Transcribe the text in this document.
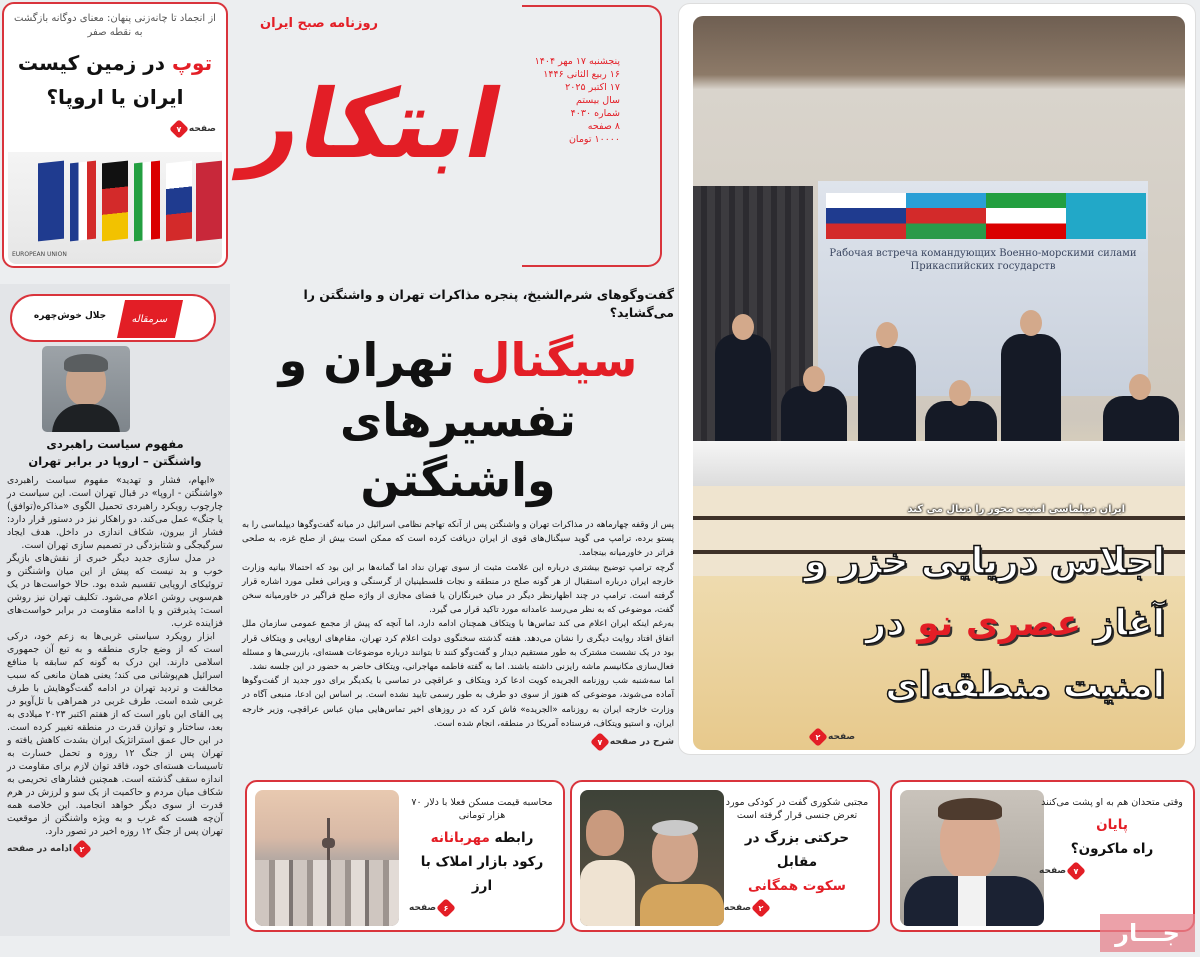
از انجماد تا چانه‌زنی پنهان: معنای دوگانه بازگشت به نقطه صفر
توپ در زمین کیست
ایران یا اروپا؟
صفحه
۷
EUROPEAN UNION
ابتکار
روزنامه صبح ایران
پنجشنبه ۱۷ مهر ۱۴۰۴
۱۶ ربیع الثانی ۱۴۴۶
۱۷ اکتبر ۲۰۲۵
سال بیستم
شماره ۴۰۳۰
۸ صفحه
۱۰۰۰۰ تومان
سرمقاله
جلال خوش‌چهره
مفهوم سیاست راهبردی
واشنگتن – اروپا در برابر تهران

«ابهام، فشار و تهدید» مفهوم سیاست راهبردی «واشنگتن - اروپا» در قبال تهران است. این سیاست در چارچوب رویکرد راهبردی تحمیل الگوی «مذاکره(توافق) یا جنگ» عمل می‌کند. دو راهکار نیز در دستور قرار دارد: فشار از بیرون، شکاف اندازی در داخل. هدف ایجاد سرگیجگی و شتابزدگی در تصمیم سازی تهران است.

در مدل سازی جدید دیگر خبری از نقش‌های بازیگر خوب و بد نیست که پیش از این میان واشنگتن و تروئیکای اروپایی تقسیم شده بود. حالا خواست‌ها در یک هم‌سویی روشن اعلام می‌شود. تکلیف تهران نیز روشن است: پذیرفتن و یا ادامه مقاومت در برابر خواست‌های فزاینده غرب.

ابزار رویکرد سیاستی غربی‌ها به زعم خود، درکی است که از وضع جاری منطقه و به تبع آن جمهوری اسلامی دارند. این درک به گونه کم سابقه با منافع اسرائیل هم‌پوشانی می کند؛ یعنی همان مانعی که سبب مخالفت و تردید تهران در ادامه گفت‌گوهایش با طرف غربی شده است. طرف غربی در همراهی با تل‌آویو در پی القای این باور است که از هفتم اکتبر ۲۰۲۳ میلادی به بعد، ساختار و توازن قدرت در منطقه تغییر کرده است. در این حال عمق استراتژیک ایران بشدت کاهش یافته و تهران پس از جنگ ۱۲ روزه و تحمل خسارت به تاسیسات هسته‌ای خود، فاقد توان لازم برای مقاومت در اندازه سقف گذشته است. همچنین فشارهای تحریمی به شکاف میان مردم و حاکمیت از یک سو و لرزش در هرم قدرت از سوی دیگر خواهد انجامید. این خلاصه همه آن‌چه هست که غرب و به ویژه واشنگتن از موقعیت تهران پس از جنگ ۱۲ روزه اخیر در تصور دارد.

۲
ادامه در صفحه
گفت‌وگوهای شرم‌الشیخ، پنجره مذاکرات تهران و واشنگتن را می‌گشاید؟
سیگنال تهران و
تفسیرهای واشنگتن

پس از وقفه چهارماهه در مذاکرات تهران و واشنگتن پس از آنکه تهاجم نظامی اسرائیل در میانه گفت‌وگوها دیپلماسی را به پستو برده، ترامپ می گوید سیگنال‌های قوی از ایران دریافت کرده است که ممکن است بیش از صلح غزه، به صلحی فراتر در خاورمیانه بینجامد.

گرچه ترامپ توضیح بیشتری درباره این علامت مثبت از سوی تهران نداد اما گمانه‌ها بر این بود که احتمالا بیانیه وزارت خارجه ایران درباره استقبال از هر گونه صلح در منطقه و نجات فلسطینیان از گرسنگی و ویرانی فعلی مورد اشاره قرار گرفته است. ترامپ در چند اظهارنظر دیگر در میان خبرنگاران یا فضای مجازی از واژه صلح فراگیر در خاورمیانه سخن گفت، موضوعی که به نظر می‌رسد عامدانه مورد تاکید قرار می گیرد.

به‌رغم اینکه ایران اعلام می کند تماس‌ها با ویتکاف همچنان ادامه دارد، اما آنچه که پیش از مجمع عمومی سازمان ملل اتفاق افتاد روایت دیگری را نشان می‌دهد. هفته گذشته سخنگوی دولت اعلام کرد تهران، مقام‌های اروپایی و ویتکاف قرار بود در یک نشست مشترک به طور مستقیم دیدار و گفت‌وگو کنند تا بتوانند درباره موضوعات هسته‌ای، بازرسی‌ها و مسئله فعال‌سازی مکانیسم ماشه رایزنی داشته باشند. اما به گفته فاطمه مهاجرانی، ویتکاف حاضر به حضور در این جلسه نشد.

اما سه‌شنبه شب روزنامه الجریده کویت ادعا کرد ویتکاف و عراقچی در تماسی با یکدیگر برای دور جدید از گفت‌وگوها آماده می‌شوند، موضوعی که هنوز از سوی دو طرف به طور رسمی تایید نشده است. بر اساس این ادعا، منبعی آگاه در وزارت خارجه ایران به روزنامه «الجریده» فاش کرد که در روزهای اخیر تماس‌هایی میان عباس عراقچی، وزیر خارجه ایران، و استیو ویتکاف، فرستاده آمریکا در منطقه، انجام شده است.

شرح در صفحه
۷
Рабочая встреча командующих Военно-морскими силами Прикаспийских государств
ایران دیپلماسی امنیت محور را دنبال می کند
اجلاس دریایی خزر و
آغاز عصری نو در
امنیت منطقه‌ای
صفحه
۲
محاسبه قیمت مسکن فعلا با دلار ۷۰ هزار تومانی
رابطه مهربانانه
رکود بازار املاک با ارز
۶
صفحه
مجتبی شکوری گفت در کودکی مورد تعرض جنسی قرار گرفته است
حرکتی بزرگ در مقابل
سکوت همگانی
۲
صفحه
وقتی متحدان هم به او پشت می‌کنند
پایان
راه ماکرون؟
۷
صفحه
جـــار
